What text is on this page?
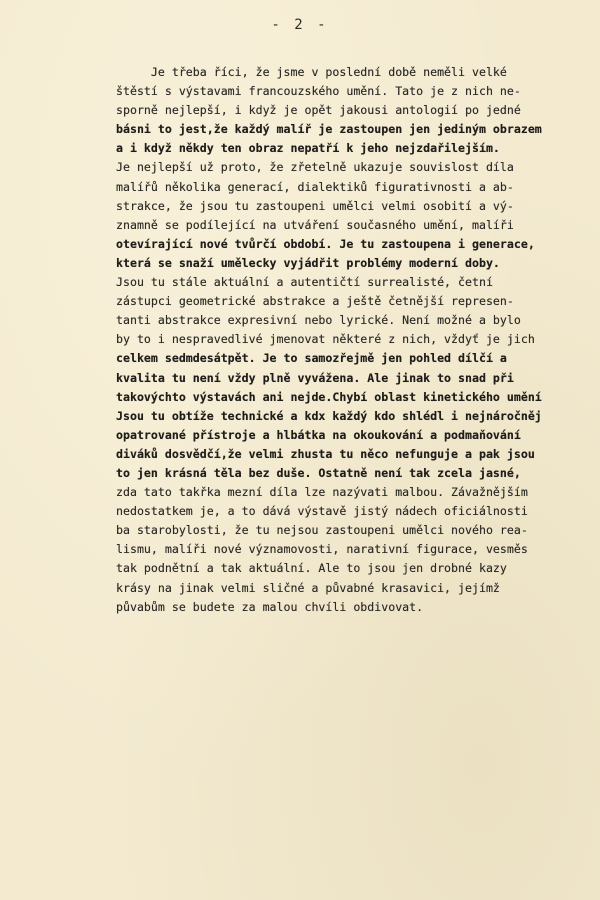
- 2 -
Je třeba říci, že jsme v poslední době neměli velké
štěstí s výstavami francouzského umění. Tato je z nich ne-
sporně nejlepší, i když je opět jakousi antologií po jedné
básni to jest,že každý malíř je zastoupen jen jediným obrazem
a i když někdy ten obraz nepatří k jeho nejzdařilejším.
Je nejlepší už proto, že zřetelně ukazuje souvislost díla
malířů několika generací, dialektiků figurativnosti a ab-
strakce, že jsou tu zastoupeni umělci velmi osobití a vý-
znamně se podílející na utváření současného umění, malíři
otevírající nové tvůrčí období. Je tu zastoupena i generace,
která se snaží umělecky vyjádřit problémy moderní doby.
Jsou tu stále aktuální a autentičtí surrealisté, četní
zástupci geometrické abstrakce a ještě četnější represen-
tanti abstrakce expresivní nebo lyrické. Není možné a bylo
by to i nespravedlivé jmenovat některé z nich, vždyť je jich
celkem sedmdesátpět. Je to samozřejmě jen pohled dílčí a
kvalita tu není vždy plně vyvážena. Ale jinak to snad při
takovýchto výstavách ani nejde.Chybí oblast kinetického umění
Jsou tu obtíže technické a kdx každý kdo shlédl i nejnáročněj
opatrované přístroje a hlbátka na okoukování a podmaňování
diváků dosvědčí,že velmi zhusta tu něco nefunguje a pak jsou
to jen krásná těla bez duše. Ostatně není tak zcela jasné,
zda tato takřka mezní díla lze nazývati malbou. Závažnějším
nedostatkem je, a to dává výstavě jistý nádech oficiálnosti
ba starobylosti, že tu nejsou zastoupeni umělci nového rea-
lismu, malíři nové významovosti, narativní figurace, vesměs
tak podnětní a tak aktuální. Ale to jsou jen drobné kazy
krásy na jinak velmi sličné a půvabné krasavici, jejímž
půvabům se budete za malou chvíli obdivovat.
